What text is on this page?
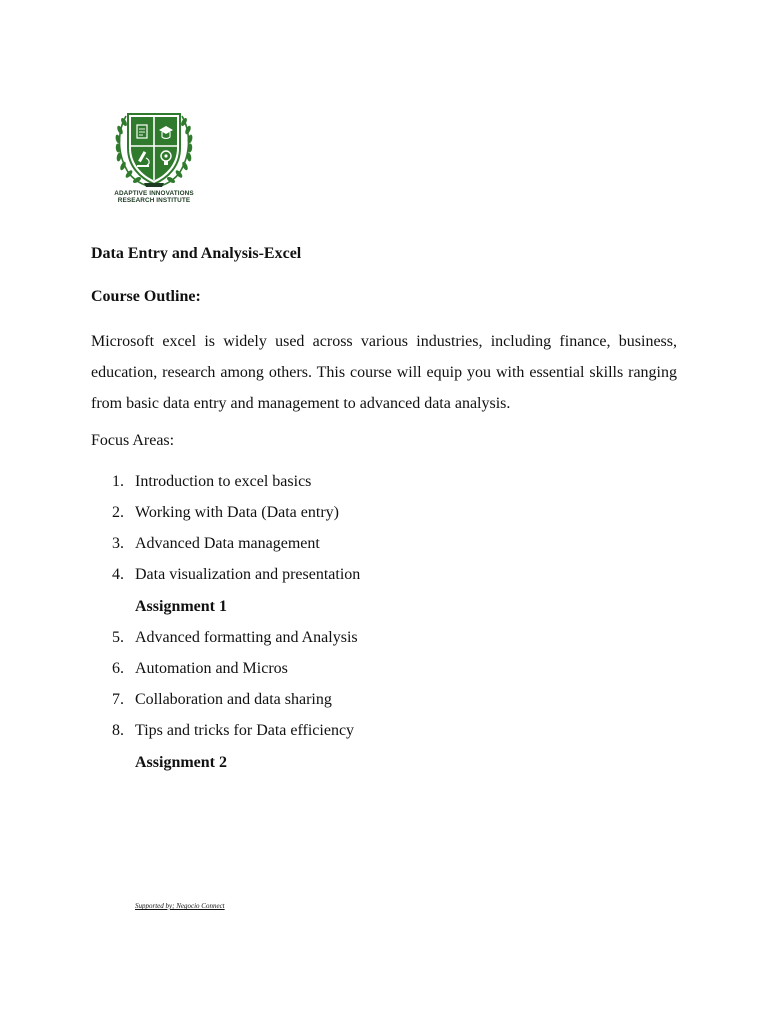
ADAPTIVE INNOVATIONS
RESEARCH INSTITUTE
Data Entry and Analysis-Excel
Course Outline:

Microsoft excel is widely used across various industries, including finance, business, education, research among others. This course will equip you with essential skills ranging from basic data entry and management to advanced data analysis.

Focus Areas:
1. Introduction to excel basics
2. Working with Data (Data entry)
3. Advanced Data management
4. Data visualization and presentation
Assignment 1
5. Advanced formatting and Analysis
6. Automation and Micros
7. Collaboration and data sharing
8. Tips and tricks for Data efficiency
Assignment 2
Supported by; Negocio Connect
